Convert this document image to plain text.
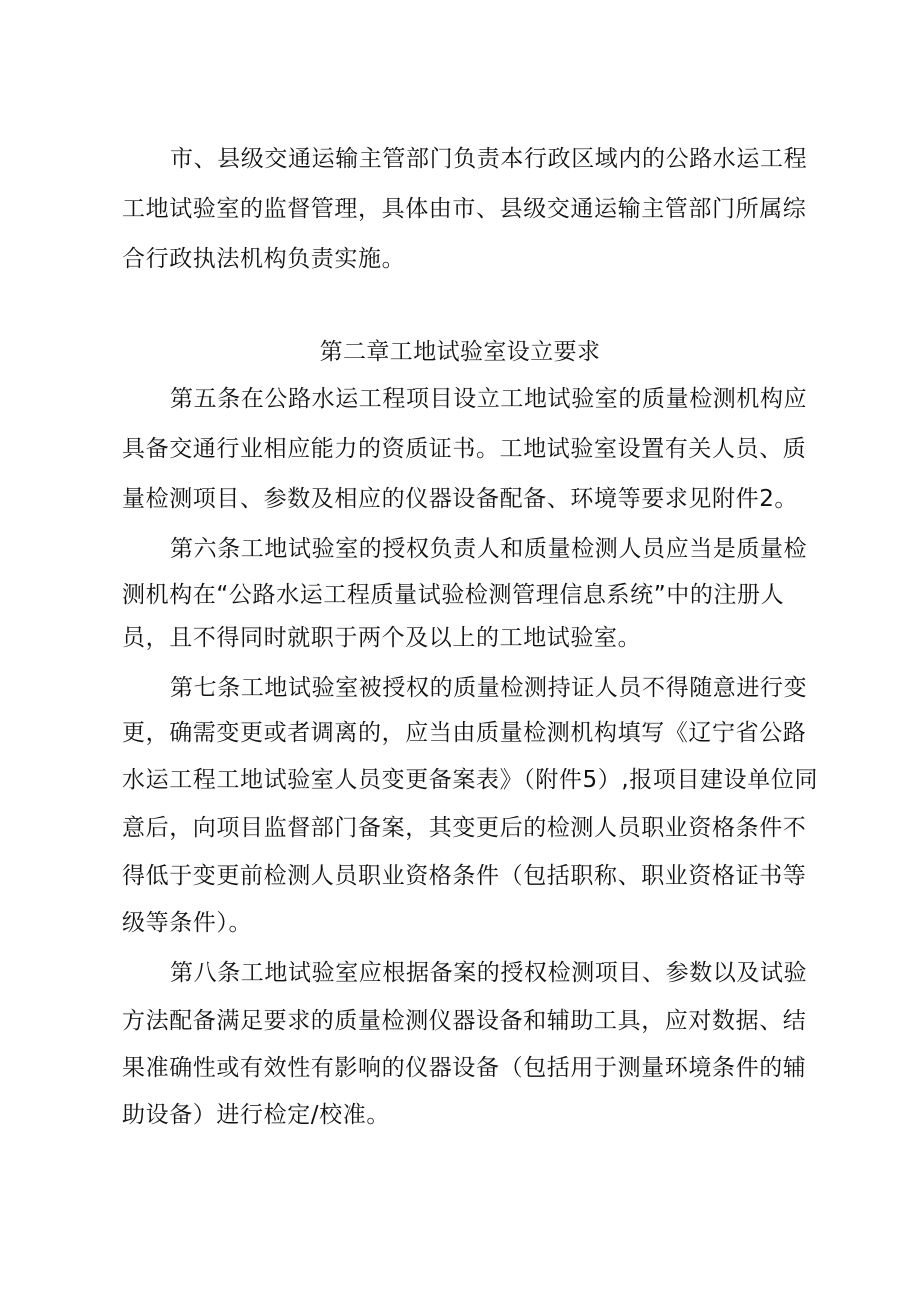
市、县级交通运输主管部门负责本行政区域内的公路水运工程
工地试验室的监督管理，具体由市、县级交通运输主管部门所属综
合行政执法机构负责实施。
第二章工地试验室设立要求
第五条在公路水运工程项目设立工地试验室的质量检测机构应
具备交通行业相应能力的资质证书。工地试验室设置有关人员、质
量检测项目、参数及相应的仪器设备配备、环境等要求见附件2。
第六条工地试验室的授权负责人和质量检测人员应当是质量检
测机构在“公路水运工程质量试验检测管理信息系统”中的注册人
员，且不得同时就职于两个及以上的工地试验室。
第七条工地试验室被授权的质量检测持证人员不得随意进行变
更，确需变更或者调离的，应当由质量检测机构填写《辽宁省公路
水运工程工地试验室人员变更备案表》（附件5）,报项目建设单位同
意后，向项目监督部门备案，其变更后的检测人员职业资格条件不
得低于变更前检测人员职业资格条件（包括职称、职业资格证书等
级等条件）。
第八条工地试验室应根据备案的授权检测项目、参数以及试验
方法配备满足要求的质量检测仪器设备和辅助工具，应对数据、结
果准确性或有效性有影响的仪器设备（包括用于测量环境条件的辅
助设备）进行检定/校准。
